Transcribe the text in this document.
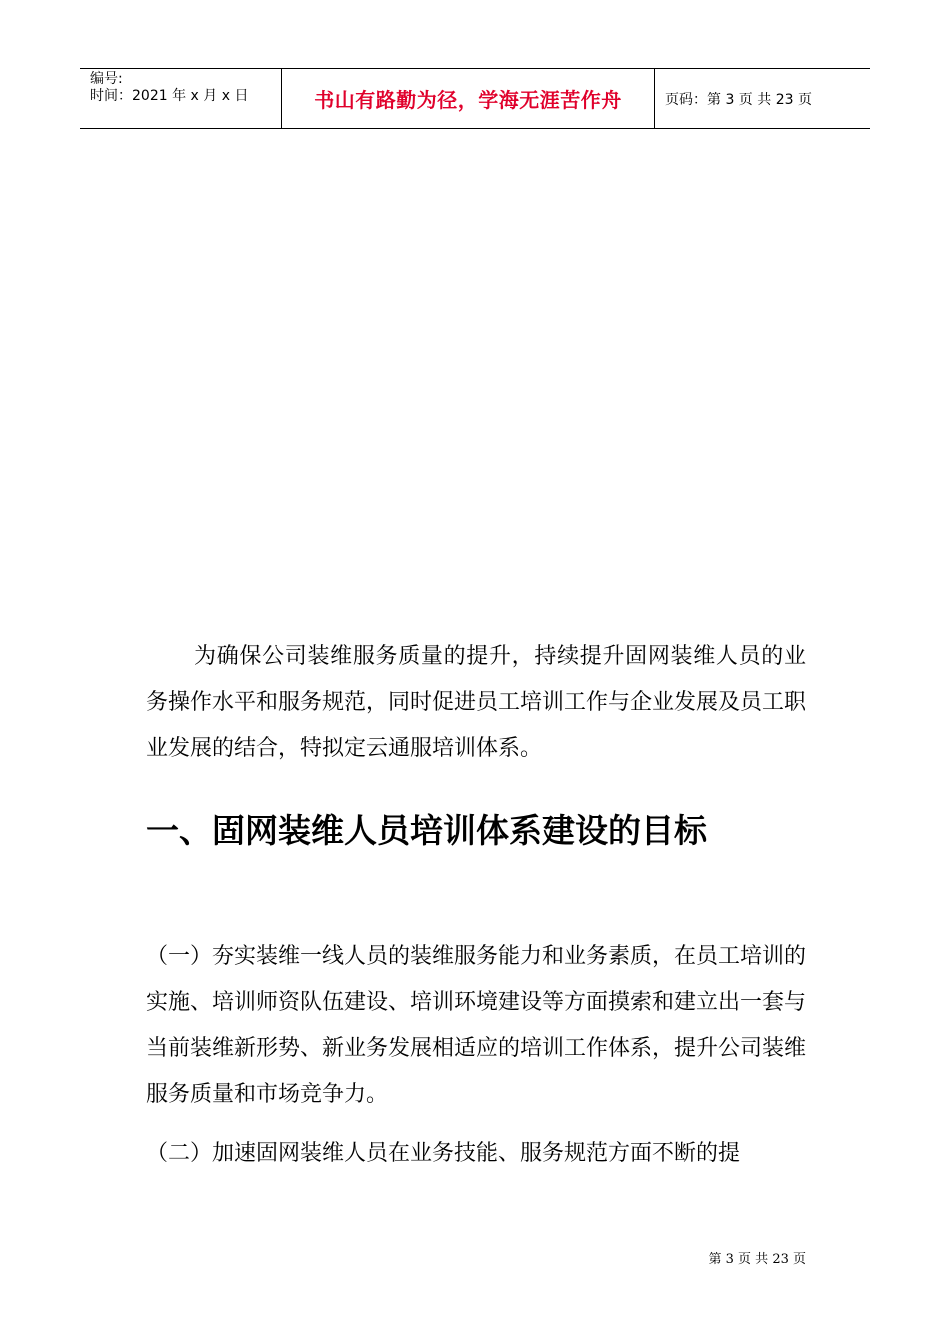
编号:
时间：2021 年 x 月 x 日	书山有路勤为径，学海无涯苦作舟	页码：第 3 页 共 23 页

为确保公司装维服务质量的提升，持续提升固网装维人员的业务操作水平和服务规范，同时促进员工培训工作与企业发展及员工职业发展的结合，特拟定云通服培训体系。

一、固网装维人员培训体系建设的目标

（一）夯实装维一线人员的装维服务能力和业务素质，在员工培训的实施、培训师资队伍建设、培训环境建设等方面摸索和建立出一套与当前装维新形势、新业务发展相适应的培训工作体系，提升公司装维服务质量和市场竞争力。

（二）加速固网装维人员在业务技能、服务规范方面不断的提

第 3 页 共 23 页
